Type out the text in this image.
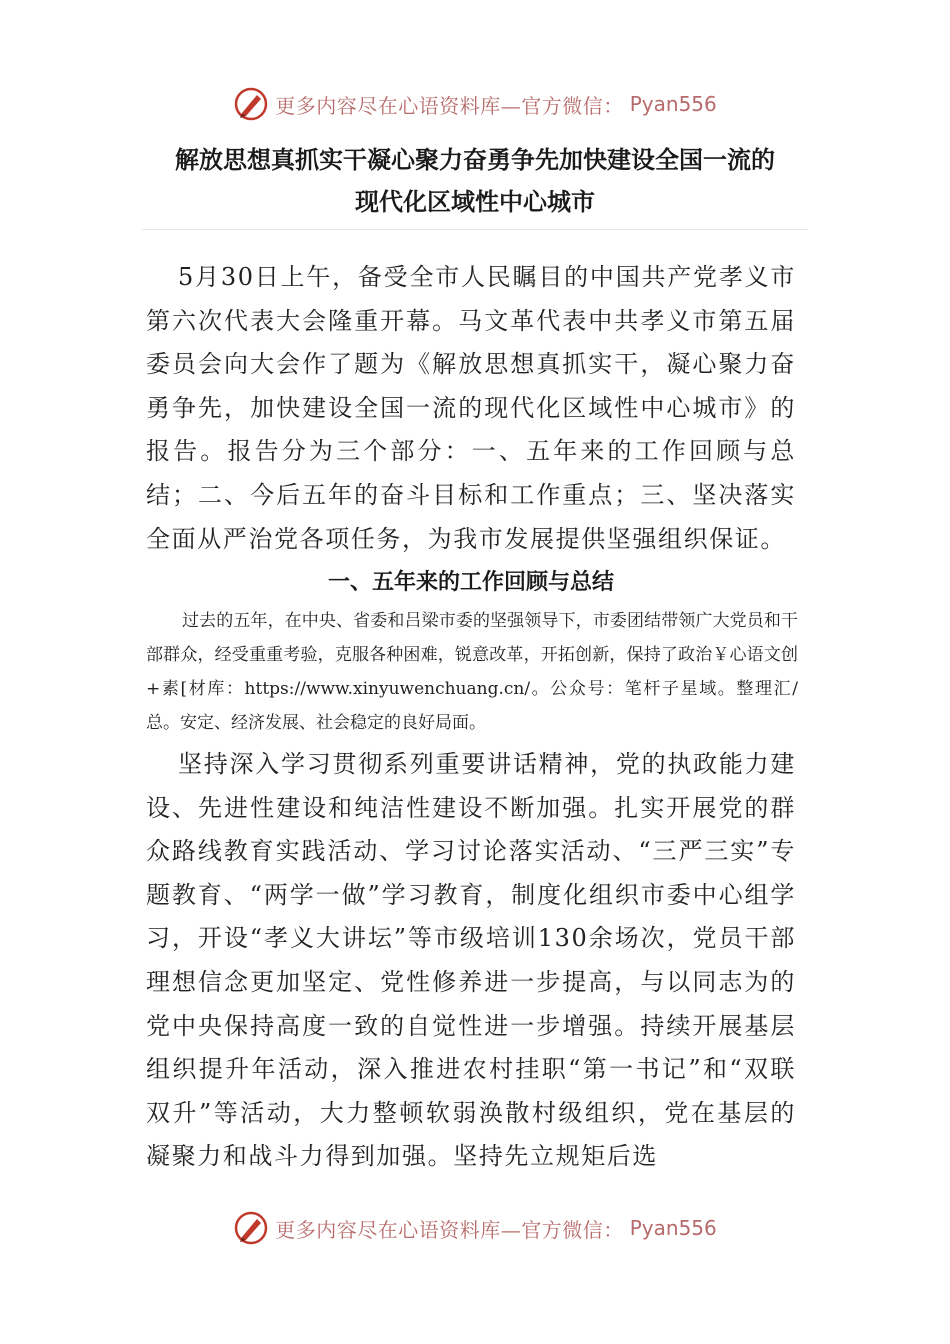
更多内容尽在心语资料库—官方微信： Pyan556
解放思想真抓实干凝心聚力奋勇争先加快建设全国一流的
现代化区域性中心城市

5月30日上午，备受全市人民瞩目的中国共产党孝义市第六次代表大会隆重开幕。马文革代表中共孝义市第五届委员会向大会作了题为《解放思想真抓实干，凝心聚力奋勇争先，加快建设全国一流的现代化区域性中心城市》的报告。报告分为三个部分：一、五年来的工作回顾与总结；二、今后五年的奋斗目标和工作重点；三、坚决落实全面从严治党各项任务，为我市发展提供坚强组织保证。

一、五年来的工作回顾与总结

过去的五年，在中央、省委和吕梁市委的坚强领导下，市委团结带领广大党员和干部群众，经受重重考验，克服各种困难，锐意改革，开拓创新，保持了政治￥心语文创+素[材库：https://www.xinyuwenchuang.cn/。公众号：笔杆子星域。整理汇/总。安定、经济发展、社会稳定的良好局面。

坚持深入学习贯彻系列重要讲话精神，党的执政能力建设、先进性建设和纯洁性建设不断加强。扎实开展党的群众路线教育实践活动、学习讨论落实活动、“三严三实”专题教育、“两学一做”学习教育，制度化组织市委中心组学习，开设“孝义大讲坛”等市级培训130余场次，党员干部理想信念更加坚定、党性修养进一步提高，与以同志为的党中央保持高度一致的自觉性进一步增强。持续开展基层组织提升年活动，深入推进农村挂职“第一书记”和“双联双升”等活动，大力整顿软弱涣散村级组织，党在基层的凝聚力和战斗力得到加强。坚持先立规矩后选

更多内容尽在心语资料库—官方微信： Pyan556
